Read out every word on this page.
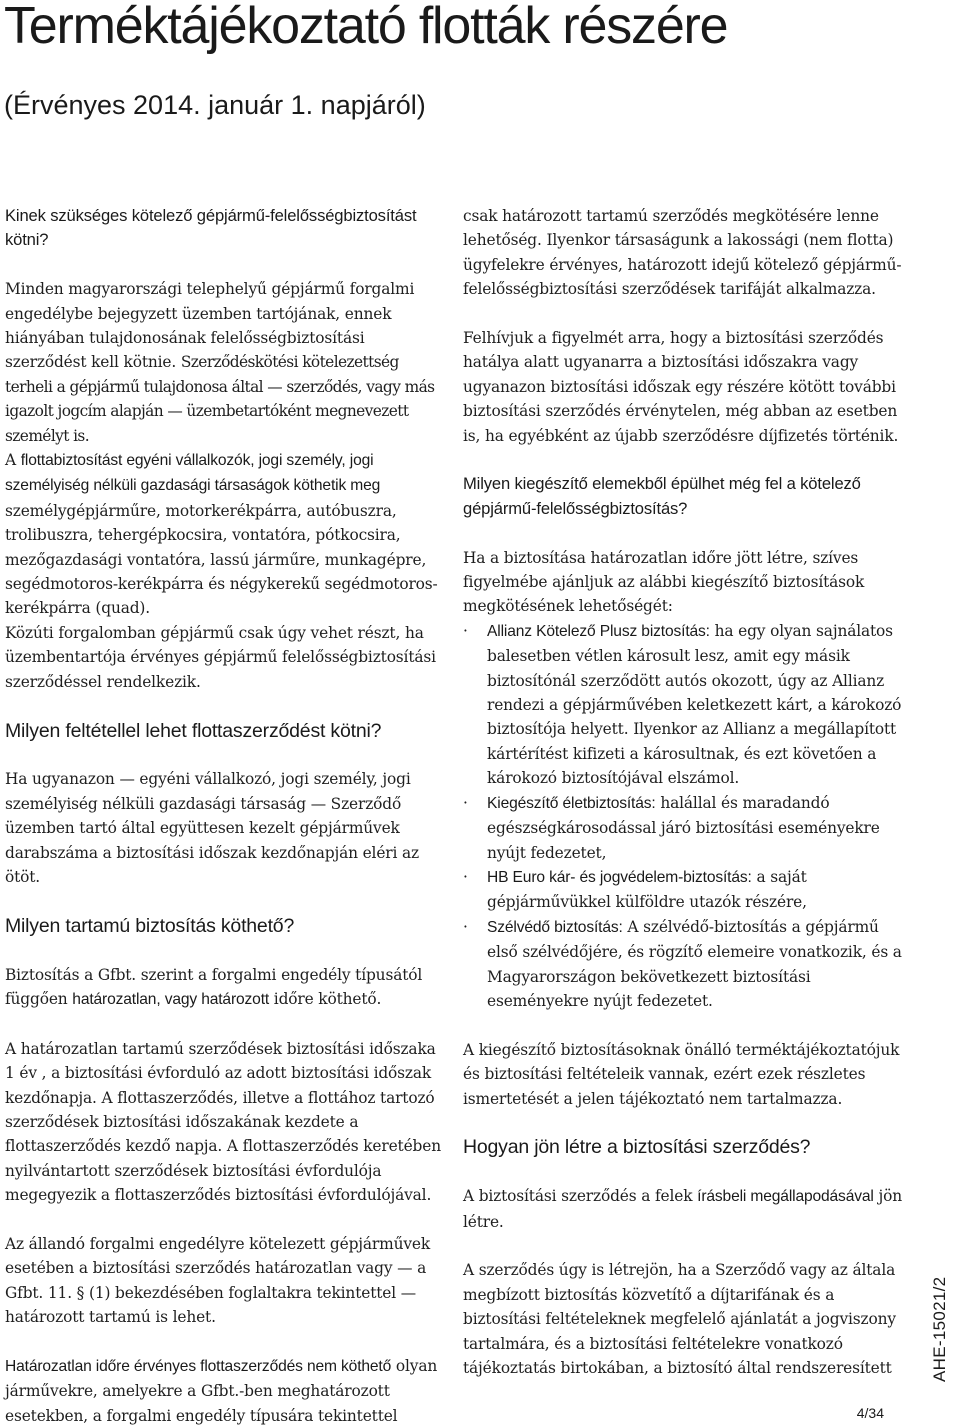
Terméktájékoztató flották részére
(Érvényes 2014. január 1. napjáról)

Kinek szükséges kötelező gépjármű-felelősségbiztosítást kötni?

Minden magyarországi telephelyű gépjármű forgalmi engedélybe bejegyzett üzemben tartójának, ennek hiányában tulajdonosának felelősségbiztosítási szerződést kell kötnie. Szerződéskötési kötelezettség terheli a gépjármű tulajdonosa által — szerződés, vagy más igazolt jogcím alapján — üzembetartóként megnevezett személyt is.

A flottabiztosítást egyéni vállalkozók, jogi személy, jogi személyiség nélküli gazdasági társaságok köthetik meg személygépjárműre, motorkerékpárra, autóbuszra, trolibuszra, tehergépkocsira, vontatóra, pótkocsira, mezőgazdasági vontatóra, lassú járműre, munkagépre, segédmotoros-kerékpárra és négykerekű segédmotoros-kerékpárra (quad).

Közúti forgalomban gépjármű csak úgy vehet részt, ha üzembentartója érvényes gépjármű felelősségbiztosítási szerződéssel rendelkezik.

Milyen feltétellel lehet flottaszerződést kötni?

Ha ugyanazon — egyéni vállalkozó, jogi személy, jogi személyiség nélküli gazdasági társaság — Szerződő üzemben tartó által együttesen kezelt gépjárművek darabszáma a biztosítási időszak kezdőnapján eléri az ötöt.

Milyen tartamú biztosítás köthető?

Biztosítás a Gfbt. szerint a forgalmi engedély típusától függően határozatlan, vagy határozott időre köthető.

A határozatlan tartamú szerződések biztosítási időszaka 1 év , a biztosítási évforduló az adott biztosítási időszak kezdőnapja. A flottaszerződés, illetve a flottához tartozó szerződések biztosítási időszakának kezdete a flottaszerződés kezdő napja. A flottaszerződés keretében nyilvántartott szerződések biztosítási évfordulója megegyezik a flottaszerződés biztosítási évfordulójával.

Az állandó forgalmi engedélyre kötelezett gépjárművek esetében a biztosítási szerződés határozatlan vagy — a Gfbt. 11. § (1) bekezdésében foglaltakra tekintettel — határozott tartamú is lehet.

Határozatlan időre érvényes flottaszerződés nem köthető olyan járművekre, amelyekre a Gfbt.-ben meghatározott esetekben, a forgalmi engedély típusára tekintettel

csak határozott tartamú szerződés megkötésére lenne lehetőség. Ilyenkor társaságunk a lakossági (nem flotta) ügyfelekre érvényes, határozott idejű kötelező gépjármű-felelősségbiztosítási szerződések tarifáját alkalmazza.

Felhívjuk a figyelmét arra, hogy a biztosítási szerződés hatálya alatt ugyanarra a biztosítási időszakra vagy ugyanazon biztosítási időszak egy részére kötött további biztosítási szerződés érvénytelen, még abban az esetben is, ha egyébként az újabb szerződésre díjfizetés történik.

Milyen kiegészítő elemekből épülhet még fel a kötelező gépjármű-felelősségbiztosítás?

Ha a biztosítása határozatlan időre jött létre, szíves figyelmébe ajánljuk az alábbi kiegészítő biztosítások megkötésének lehetőségét:

· Allianz Kötelező Plusz biztosítás: ha egy olyan sajnálatos balesetben vétlen károsult lesz, amit egy másik biztosítónál szerződött autós okozott, úgy az Allianz rendezi a gépjárművében keletkezett kárt, a károkozó biztosítója helyett. Ilyenkor az Allianz a megállapított kártérítést kifizeti a károsultnak, és ezt követően a károkozó biztosítójával elszámol.
· Kiegészítő életbiztosítás: halállal és maradandó egészségkárosodással járó biztosítási eseményekre nyújt fedezetet,
· HB Euro kár- és jogvédelem-biztosítás: a saját gépjárművükkel külföldre utazók részére,
· Szélvédő biztosítás: A szélvédő-biztosítás a gépjármű első szélvédőjére, és rögzítő elemeire vonatkozik, és a Magyarországon bekövetkezett biztosítási eseményekre nyújt fedezetet.

A kiegészítő biztosításoknak önálló terméktájékoztatójuk és biztosítási feltételeik vannak, ezért ezek részletes ismertetését a jelen tájékoztató nem tartalmazza.

Hogyan jön létre a biztosítási szerződés?

A biztosítási szerződés a felek írásbeli megállapodásával jön létre.

A szerződés úgy is létrejön, ha a Szerződő vagy az általa megbízott biztosítás közvetítő a díjtarifának és a biztosítási feltételeknek megfelelő ajánlatát a jogviszony tartalmára, és a biztosítási feltételekre vonatkozó tájékoztatás birtokában, a biztosító által rendszeresített	AHE-15021/2
4/34
